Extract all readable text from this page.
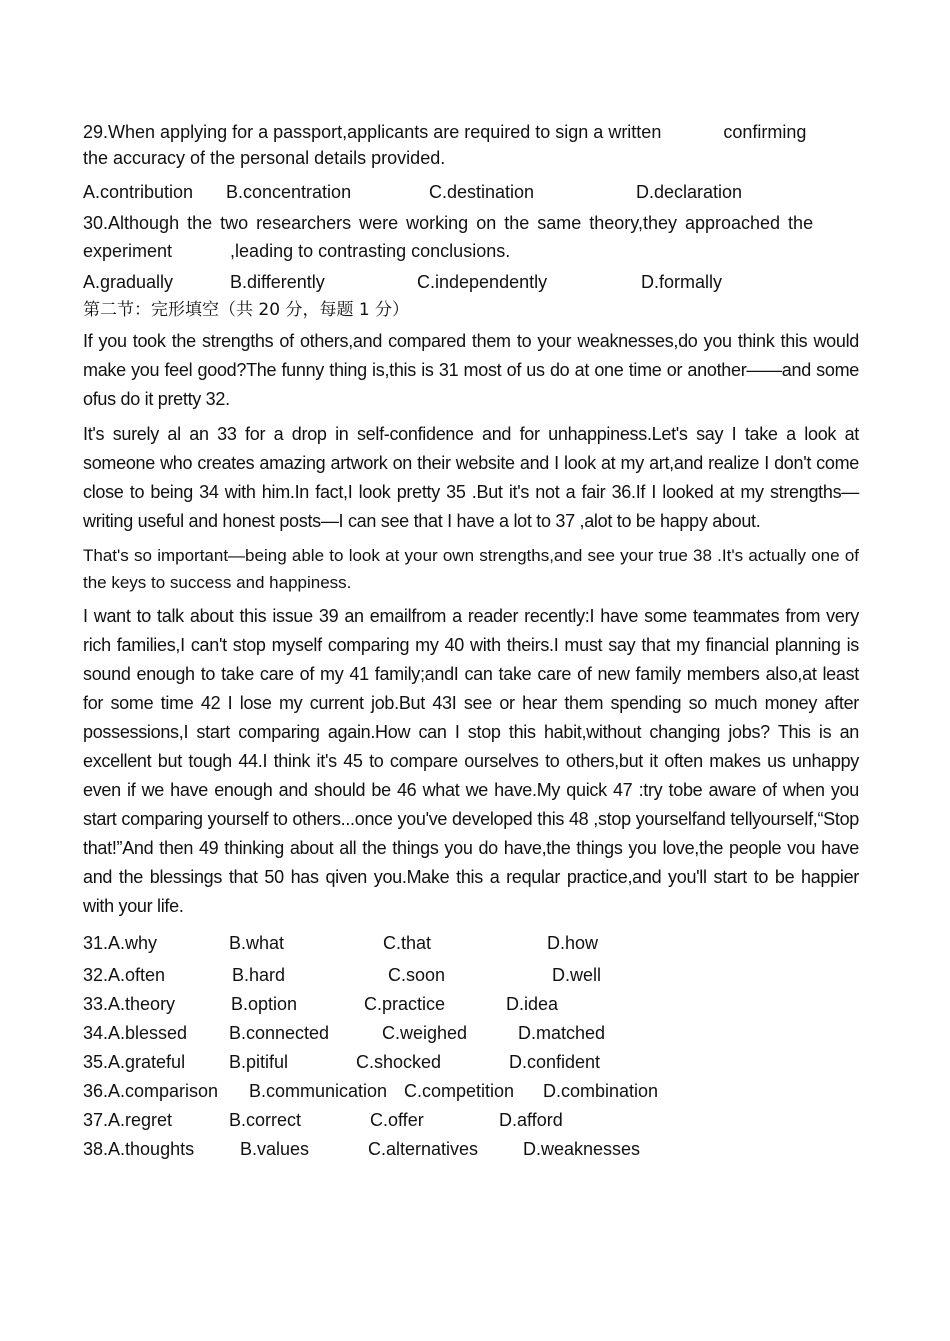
29.When applying for a passport,applicants are required to sign a written	confirming

the accuracy of the personal details provided.

A.contribution B.concentration	C.destination	D.declaration

30.Although the two researchers were working on the same theory,they approached the

experiment	,leading to contrasting conclusions.

A.gradually	B.differently	C.independently	D.formally

第二节：完形填空（共 20 分，每题 1 分）

If you took the strengths of others,and compared them to your weaknesses,do you think this would make you feel good?The funny thing is,this is 31 most of us do at one time or another——and some ofus do it pretty 32.

It's surely al an 33 for a drop in self-confidence and for unhappiness.Let's say I take a look at someone who creates amazing artwork on their website and I look at my art,and realize I don't come close to being 34 with him.In fact,I look pretty 35 .But it's not a fair 36.If I looked at my strengths—writing useful and honest posts—I can see that I have a lot to 37 ,alot to be happy about.

That's so important—being able to look at your own strengths,and see your true 38 .It's actually one of the keys to success and happiness.

I want to talk about this issue 39 an emailfrom a reader recently:I have some teammates from very rich families,I can't stop myself comparing my 40 with theirs.I must say that my financial planning is sound enough to take care of my 41 family;andI can take care of new family members also,at least for some time 42 I lose my current job.But 43I see or hear them spending so much money after possessions,I start comparing again.How can I stop this habit,without changing jobs? This is an excellent but tough 44.I think it's 45 to compare ourselves to others,but it often makes us unhappy even if we have enough and should be 46 what we have.My quick 47 :try tobe aware of when you start comparing yourself to others...once you've developed this 48 ,stop yourselfand tellyourself,“Stop that!”And then 49 thinking about all the things you do have,the things you love,the people vou have and the blessings that 50 has qiven you.Make this a reqular practice,and you'll start to be happier with your life.

31.A.why	B.what	C.that	D.how
32.A.often	B.hard	C.soon	D.well
33.A.theory	B.option	C.practice	D.idea
34.A.blessed B.connected	C.weighed	D.matched
35.A.grateful B.pitiful	C.shocked	D.confident
36.A.comparison B.communication C.competition D.combination
37.A.regret	B.correct	C.offer	D.afford
38.A.thoughts	B.values	C.alternatives D.weaknesses
